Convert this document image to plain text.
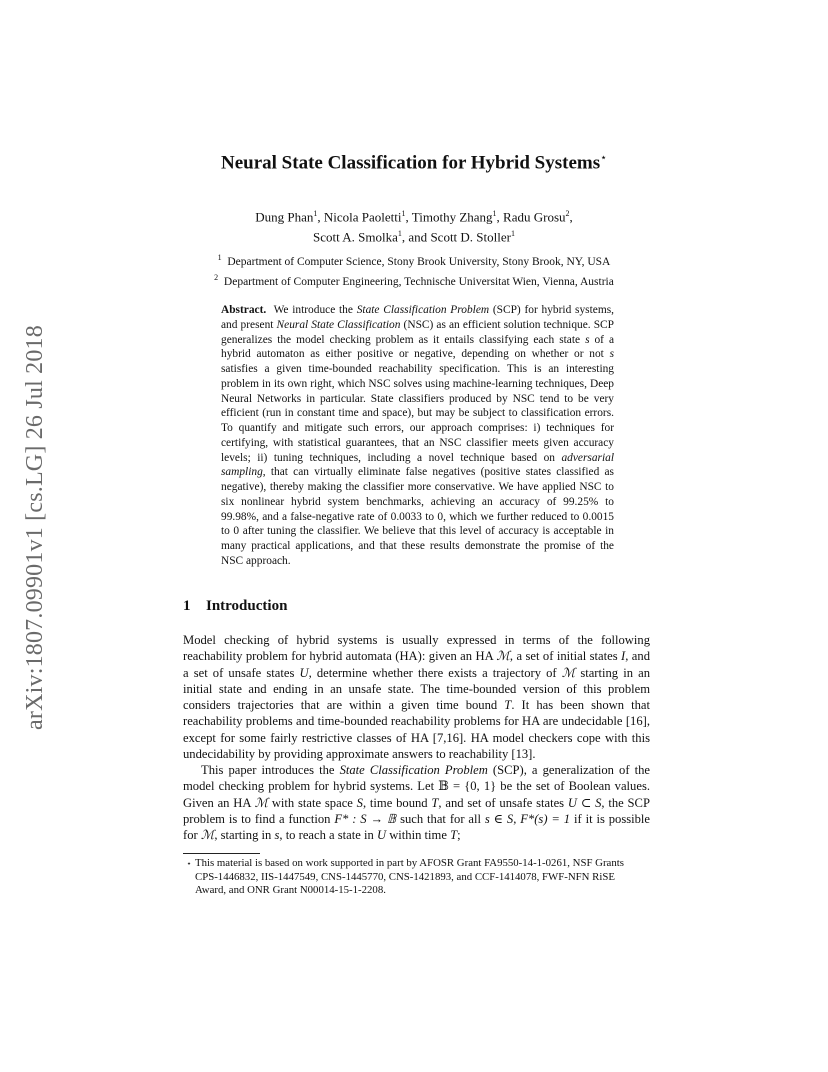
arXiv:1807.09901v1 [cs.LG] 26 Jul 2018
Neural State Classification for Hybrid Systems⋆
Dung Phan$^1$, Nicola Paoletti$^1$, Timothy Zhang$^1$, Radu Grosu$^2$,
Scott A. Smolka$^1$, and Scott D. Stoller$^1$
$^1$ Department of Computer Science, Stony Brook University, Stony Brook, NY, USA
$^2$ Department of Computer Engineering, Technische Universitat Wien, Vienna, Austria
Abstract. We introduce the State Classification Problem (SCP) for hybrid systems, and present Neural State Classification (NSC) as an efficient solution technique. SCP generalizes the model checking problem as it entails classifying each state s of a hybrid automaton as either positive or negative, depending on whether or not s satisfies a given time-bounded reachability specification. This is an interesting problem in its own right, which NSC solves using machine-learning techniques, Deep Neural Networks in particular. State classifiers produced by NSC tend to be very efficient (run in constant time and space), but may be subject to classification errors. To quantify and mitigate such errors, our approach comprises: i) techniques for certifying, with statistical guarantees, that an NSC classifier meets given accuracy levels; ii) tuning techniques, including a novel technique based on adversarial sampling, that can virtually eliminate false negatives (positive states classified as negative), thereby making the classifier more conservative. We have applied NSC to six nonlinear hybrid system benchmarks, achieving an accuracy of 99.25% to 99.98%, and a false-negative rate of 0.0033 to 0, which we further reduced to 0.0015 to 0 after tuning the classifier. We believe that this level of accuracy is acceptable in many practical applications, and that these results demonstrate the promise of the NSC approach.
1 Introduction

Model checking of hybrid systems is usually expressed in terms of the following reachability problem for hybrid automata (HA): given an HA ℳ, a set of initial states I, and a set of unsafe states U, determine whether there exists a trajectory of ℳ starting in an initial state and ending in an unsafe state. The time-bounded version of this problem considers trajectories that are within a given time bound T. It has been shown that reachability problems and time-bounded reachability problems for HA are undecidable [16], except for some fairly restrictive classes of HA [7,16]. HA model checkers cope with this undecidability by providing approximate answers to reachability [13].

This paper introduces the State Classification Problem (SCP), a generalization of the model checking problem for hybrid systems. Let 𝔹 = {0, 1} be the set of Boolean values. Given an HA ℳ with state space S, time bound T, and set of unsafe states U ⊂ S, the SCP problem is to find a function F* : S → 𝔹 such that for all s ∈ S, F*(s) = 1 if it is possible for ℳ, starting in s, to reach a state in U within time T;

⋆ This material is based on work supported in part by AFOSR Grant FA9550-14-1-0261, NSF Grants CPS-1446832, IIS-1447549, CNS-1445770, CNS-1421893, and CCF-1414078, FWF-NFN RiSE Award, and ONR Grant N00014-15-1-2208.
